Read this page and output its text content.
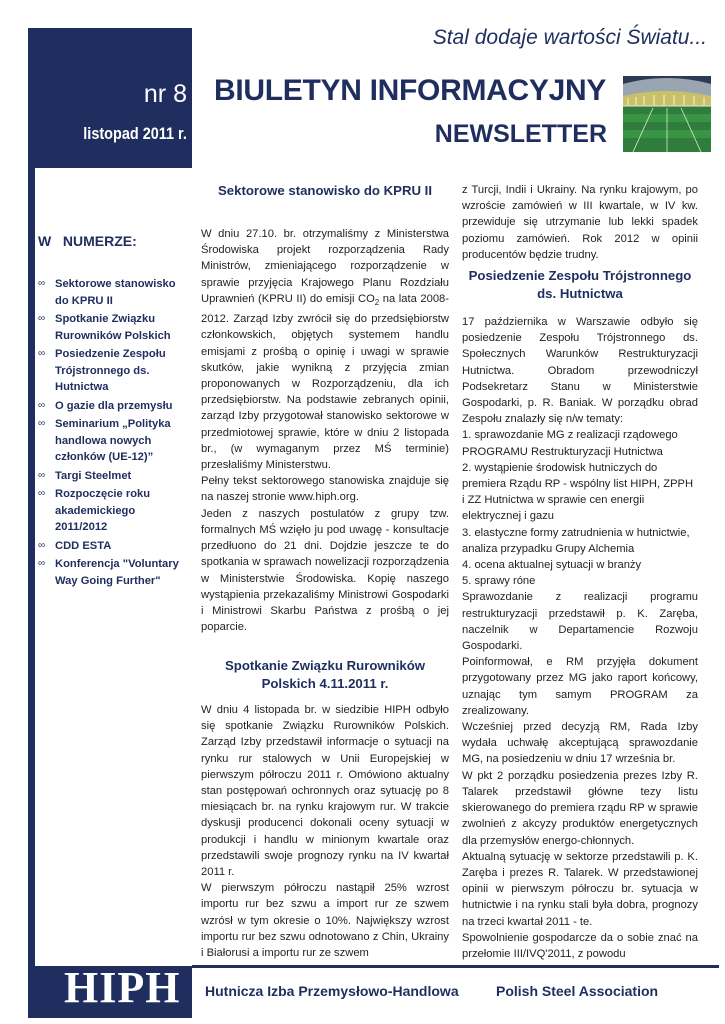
nr 8
listopad 2011 r.
Stal dodaje wartości Światu...
BIULETYN INFORMACYJNY
NEWSLETTER
W   NUMERZE:
∞ Sektorowe stanowisko do KPRU II
∞ Spotkanie Związku Rurowników Polskich
∞ Posiedzenie Zespołu Trójstronnego ds. Hutnictwa
∞ O gazie dla przemysłu
∞ Seminarium „Polityka handlowa nowych członków (UE-12)”
∞ Targi Steelmet
∞ Rozpoczęcie roku akademickiego 2011/2012
∞ CDD ESTA
∞ Konferencja "Voluntary Way Going Further"
Sektorowe stanowisko do KPRU II

W dniu 27.10. br. otrzymaliśmy z Ministerstwa Środowiska projekt rozporządzenia Rady Ministrów, zmieniającego rozporządzenie w sprawie przyjęcia Krajowego Planu Rozdziału Uprawnień (KPRU II) do emisji $CO_2$ na lata 2008-2012. Zarząd Izby zwrócił się do przedsiębiorstw członkowskich, objętych systemem handlu emisjami z prośbą o opinię i uwagi w sprawie skutków, jakie wynikną z przyjęcia zmian proponowanych w Rozporządzeniu, dla ich przedsiębiorstw. Na podstawie zebranych opinii, zarząd Izby przygotował stanowisko sektorowe w przedmiotowej sprawie, które w dniu 2 listopada br., (w wymaganym przez MŚ terminie) przesłaliśmy Ministerstwu.

Pełny tekst sektorowego stanowiska znajduje się na naszej stronie www.hiph.org.

Jeden z naszych postulatów z grupy tzw. formalnych MŚ wzięło ju pod uwagę - konsultacje przedłuono do 21 dni. Dojdzie jeszcze te do spotkania w sprawach nowelizacji rozporządzenia w Ministerstwie Środowiska. Kopię naszego wystąpienia przekazaliśmy Ministrowi Gospodarki i Ministrowi Skarbu Państwa z prośbą o jej poparcie.

Spotkanie Związku Rurowników Polskich 4.11.2011 r.

W dniu 4 listopada br. w siedzibie HIPH odbyło się spotkanie Związku Rurowników Polskich. Zarząd Izby przedstawił informacje o sytuacji na rynku rur stalowych w Unii Europejskiej w pierwszym półroczu 2011 r. Omówiono aktualny stan postępowań ochronnych oraz sytuację po 8 miesiącach br. na rynku krajowym rur. W trakcie dyskusji producenci dokonali oceny sytuacji w produkcji i handlu w minionym kwartale oraz przedstawili swoje prognozy rynku na IV kwartał 2011 r.

W pierwszym półroczu nastąpił 25% wzrost importu rur bez szwu a import rur ze szwem wzrósł w tym okresie o 10%. Największy wzrost importu rur bez szwu odnotowano z Chin, Ukrainy i Białorusi a importu rur ze szwem

z Turcji, Indii i Ukrainy. Na rynku krajowym, po wzroście zamówień w III kwartale, w IV kw. przewiduje się utrzymanie lub lekki spadek poziomu zamówień. Rok 2012 w opinii producentów będzie trudny.

Posiedzenie Zespołu Trójstronnego ds. Hutnictwa

17 października w Warszawie odbyło się posiedzenie Zespołu Trójstronnego ds. Społecznych Warunków Restrukturyzacji Hutnictwa. Obradom przewodniczył Podsekretarz Stanu w Ministerstwie Gospodarki, p. R. Baniak. W porządku obrad Zespołu znalazły się n/w tematy:

1. sprawozdanie MG z realizacji rządowego PROGRAMU Restrukturyzacji Hutnictwa

2. wystąpienie środowisk hutniczych do premiera Rządu RP - wspólny list HIPH, ZPPH i ZZ Hutnictwa w sprawie cen energii elektrycznej i gazu

3. elastyczne formy zatrudnienia w hutnictwie, analiza przypadku Grupy Alchemia

4. ocena aktualnej sytuacji w branży

5. sprawy róne

Sprawozdanie z realizacji programu restrukturyzacji przedstawił p. K. Zaręba, naczelnik w Departamencie Rozwoju Gospodarki.

Poinformował, e RM przyjęła dokument przygotowany przez MG jako raport końcowy, uznając tym samym PROGRAM za zrealizowany.

Wcześniej przed decyzją RM, Rada Izby wydała uchwałę akceptującą sprawozdanie MG, na posiedzeniu w dniu 17 września br.

W pkt 2 porządku posiedzenia prezes Izby R. Talarek przedstawił główne tezy listu skierowanego do premiera rządu RP w sprawie zwolnień z akcyzy produktów energetycznych dla przemysłów energo-chłonnych.

Aktualną sytuację w sektorze przedstawili p. K. Zaręba i prezes R. Talarek. W przedstawionej opinii w pierwszym półroczu br. sytuacja w hutnictwie i na rynku stali była dobra, prognozy na trzeci kwartał 2011 - te.

Spowolnienie gospodarcze da o sobie znać na przełomie III/IVQ'2011, z powodu

HIPH Hutnicza Izba Przemysłowo-Handlowa	Polish Steel Association
